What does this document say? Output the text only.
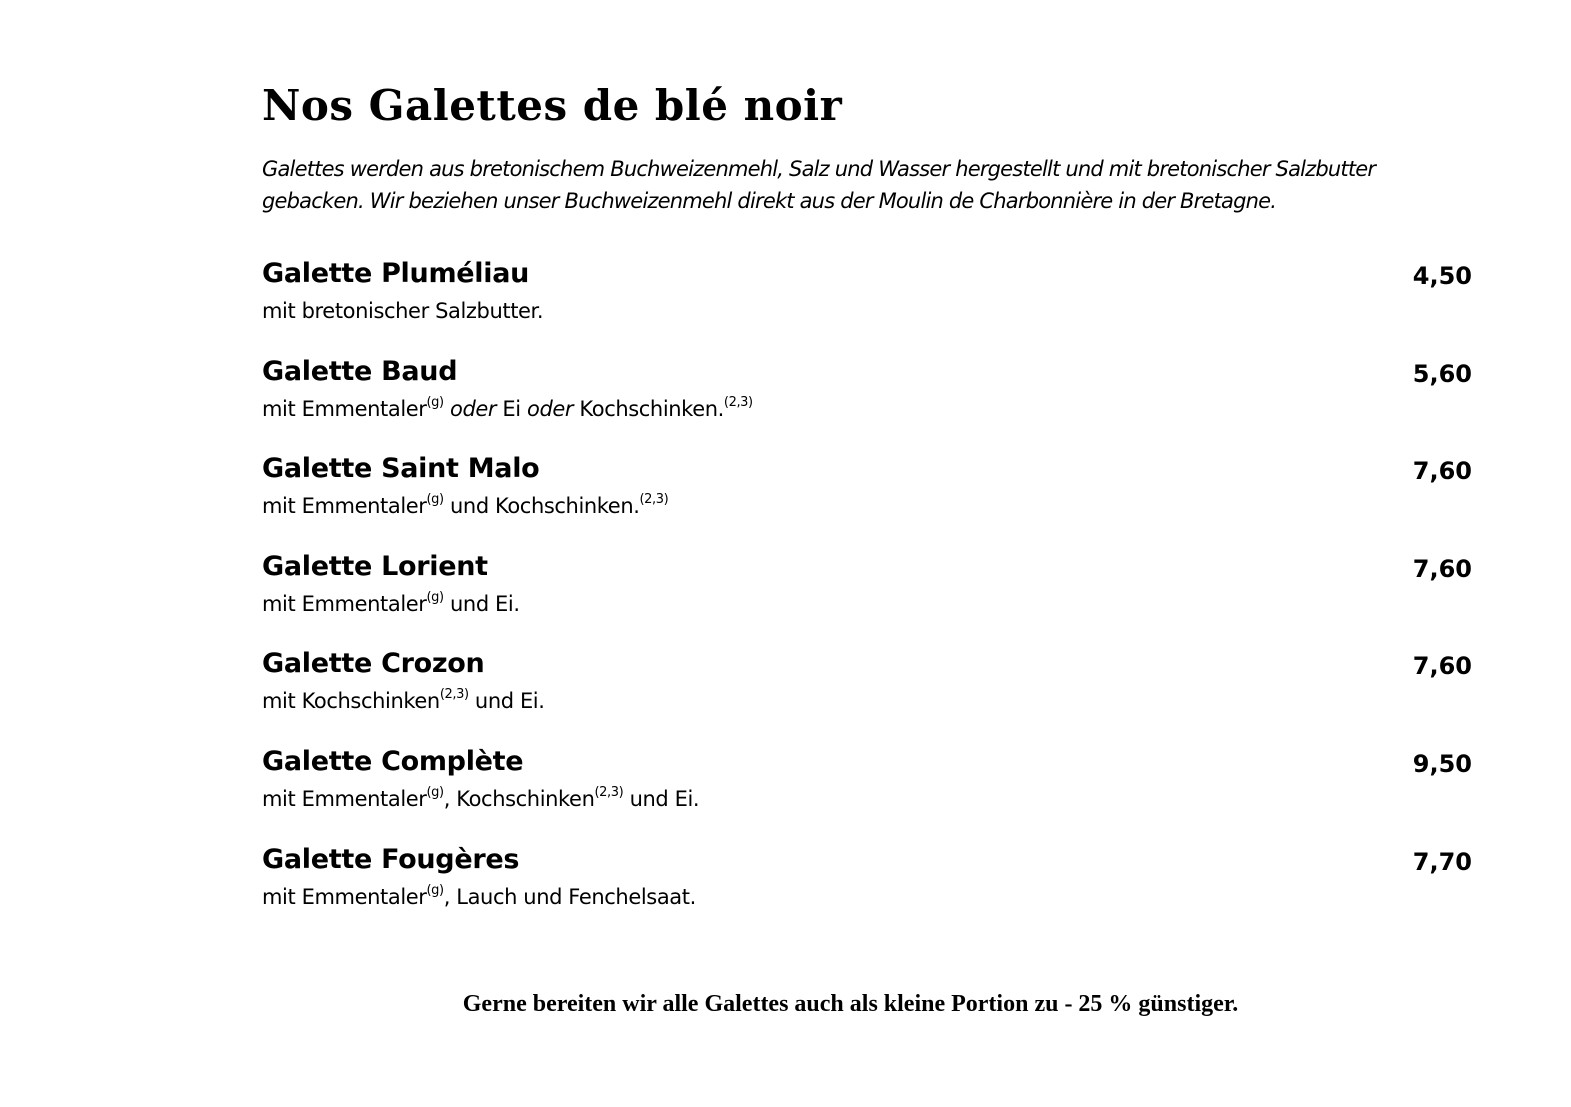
Nos Galettes de blé noir

Galettes werden aus bretonischem Buchweizenmehl, Salz und Wasser hergestellt und mit bretonischer Salzbutter gebacken. Wir beziehen unser Buchweizenmehl direkt aus der Moulin de Charbonnière in der Bretagne.

Galette Pluméliau	4,50
mit bretonischer Salzbutter.
Galette Baud	5,60
mit Emmentaler$^{(g)}$ oder Ei oder Kochschinken.$^{(2,3)}$
Galette Saint Malo	7,60
mit Emmentaler$^{(g)}$ und Kochschinken.$^{(2,3)}$
Galette Lorient	7,60
mit Emmentaler$^{(g)}$ und Ei.
Galette Crozon	7,60
mit Kochschinken$^{(2,3)}$ und Ei.
Galette Complète	9,50
mit Emmentaler$^{(g)}$, Kochschinken$^{(2,3)}$ und Ei.
Galette Fougères	7,70
mit Emmentaler$^{(g)}$, Lauch und Fenchelsaat.

Gerne bereiten wir alle Galettes auch als kleine Portion zu - 25 % günstiger.
